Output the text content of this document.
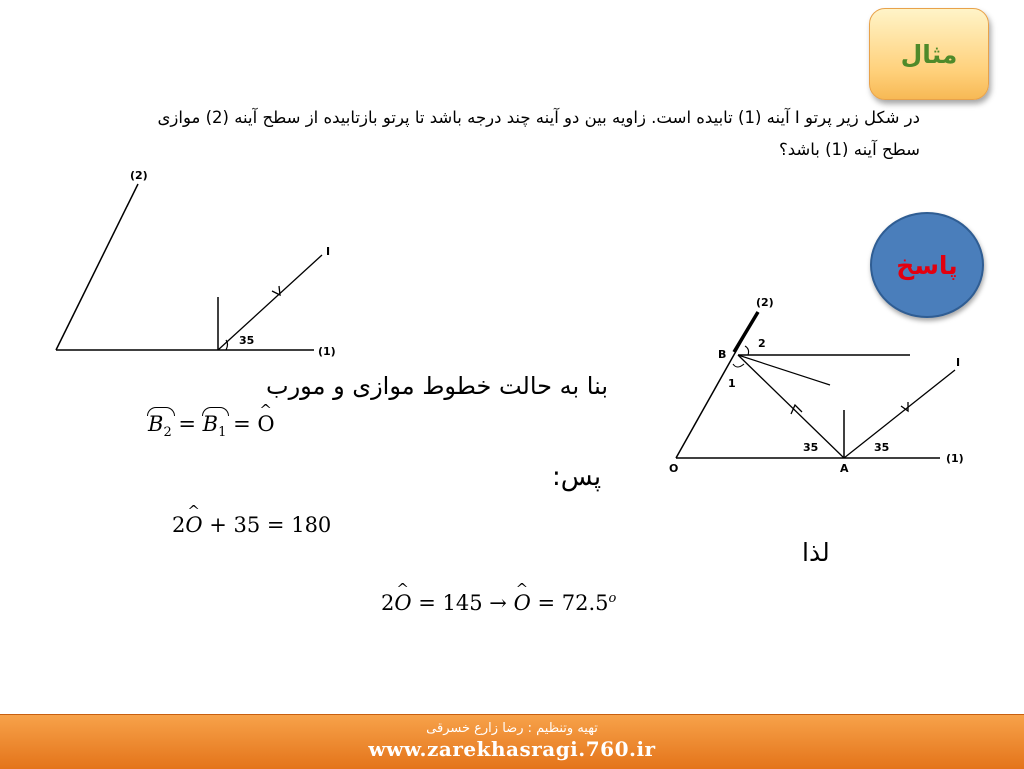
مثال
در شکل زیر پرتو I آینه (1) تابیده است. زاویه بین دو آینه چند درجه باشد تا پرتو بازتابیده از سطح آینه (2) موازی
سطح آینه (1) باشد؟
(2)
I
35
(1)
(2)
B
2
1
I
35	35
O	A
(1)
پاسخ
بنا به حالت خطوط موازی و مورب
$B_2 = B_1$ = ^ O
پس:
2^ O + 35 = 180
لذا
2^ O = 145 → ^ $O = 72.5^o$
تهیه وتنظیم : رضا زارع خسرقی
www.zarekhasragi.760.ir
